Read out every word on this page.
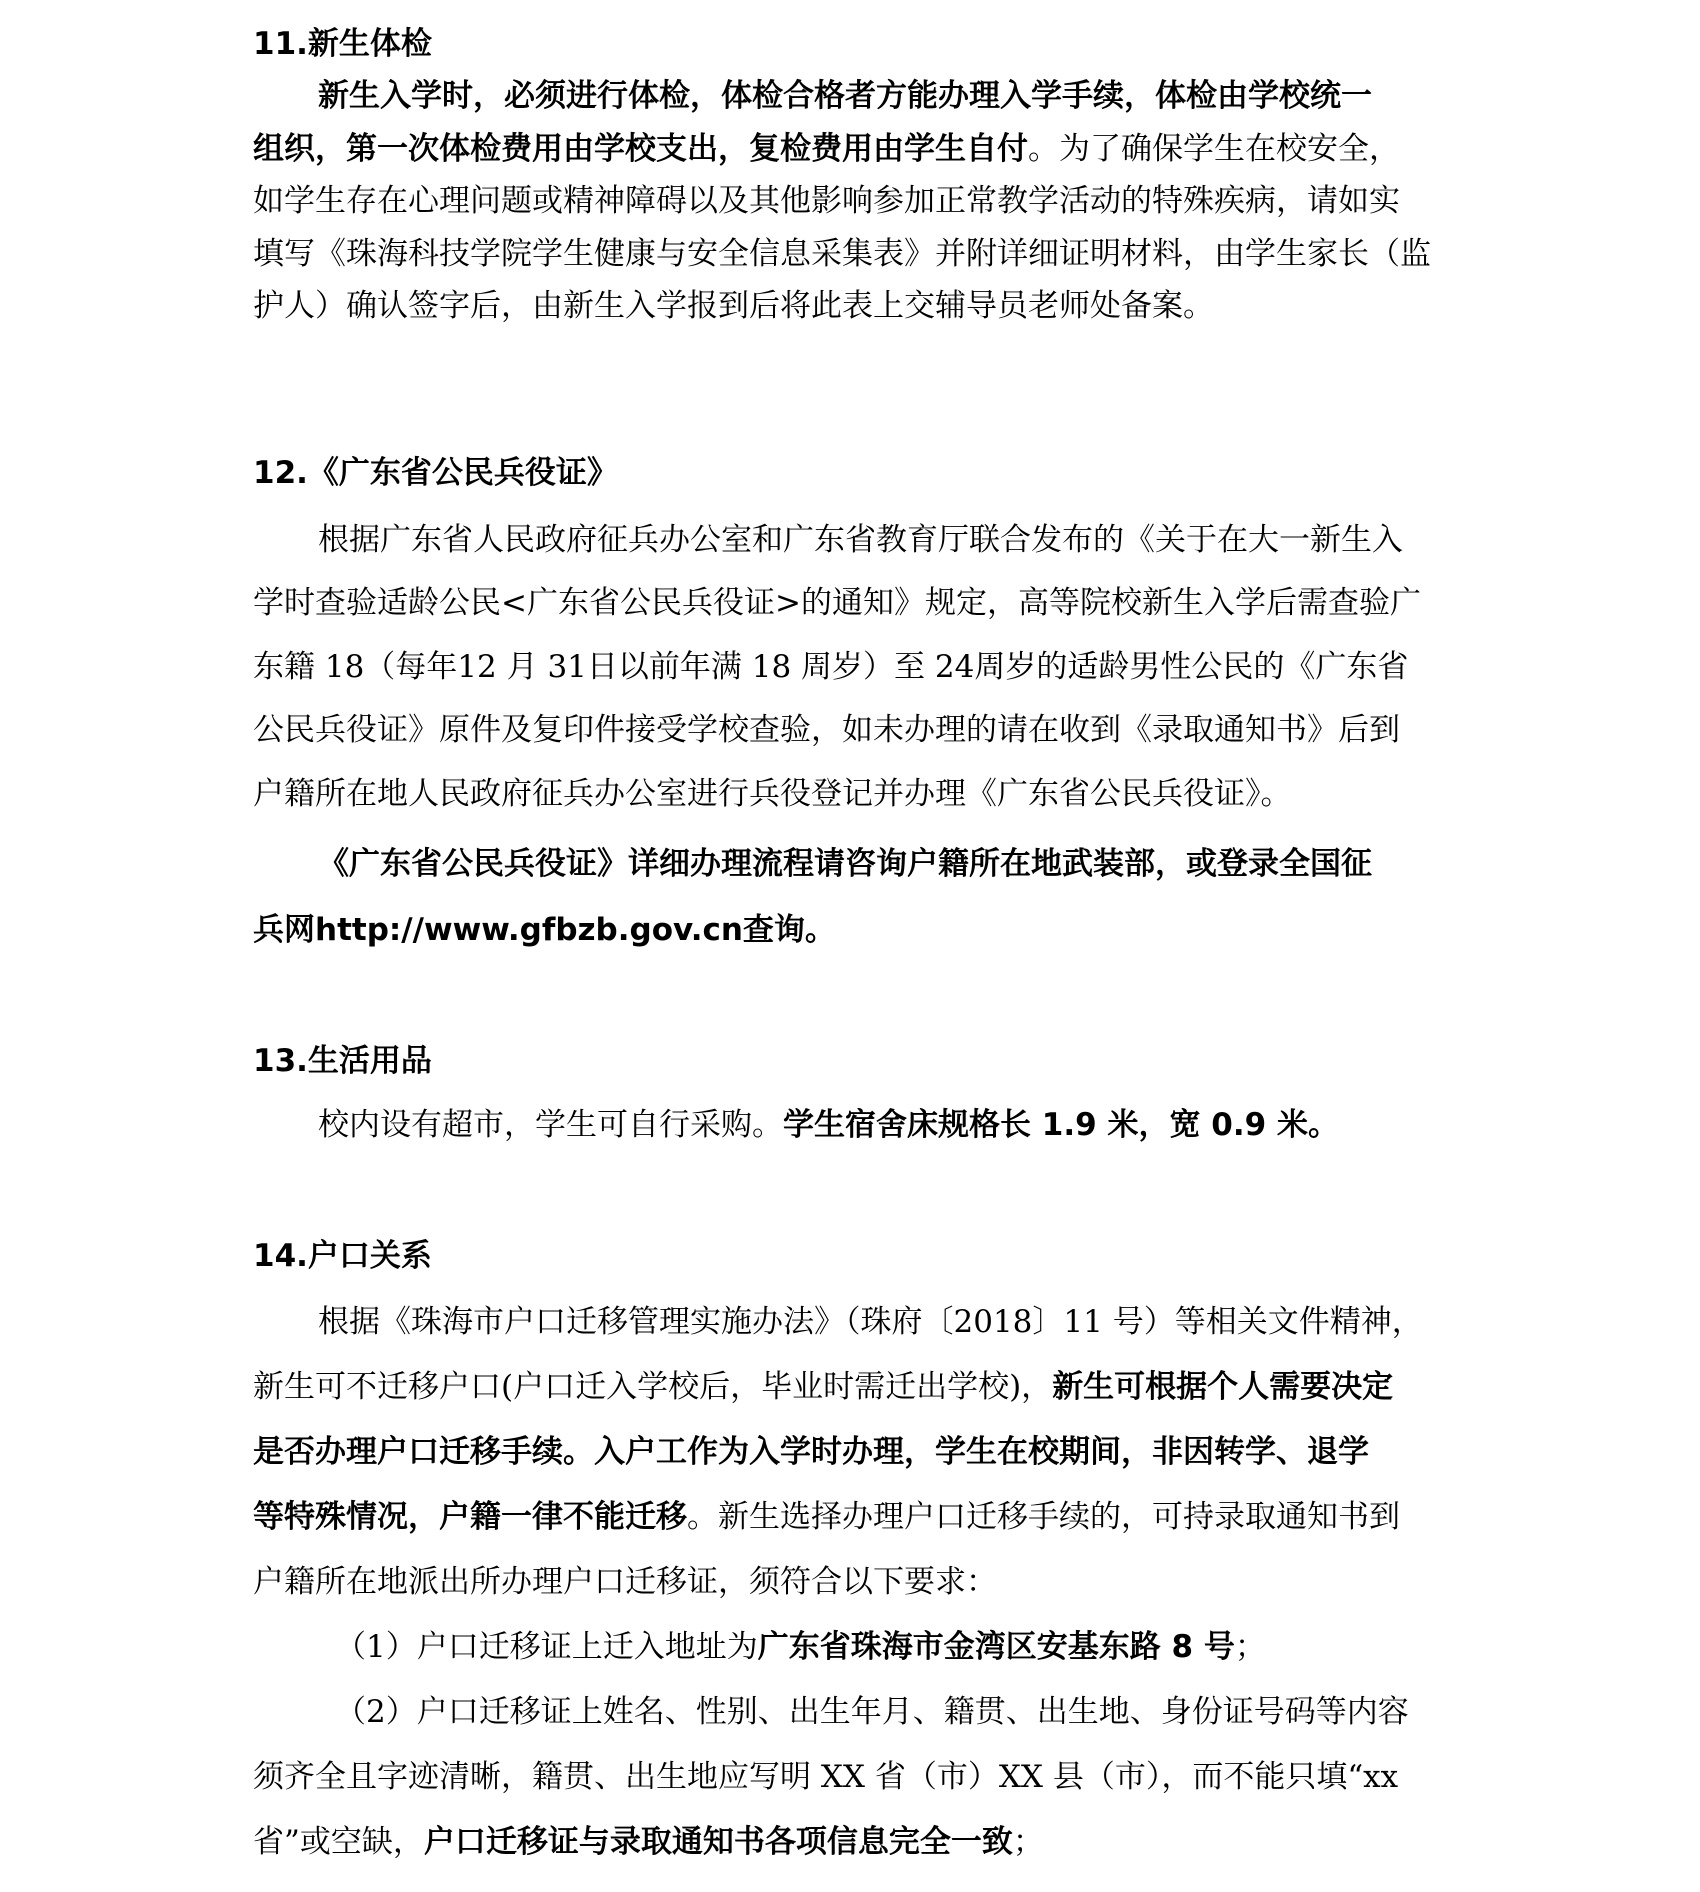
11.新生体检
新生入学时，必须进行体检，体检合格者方能办理入学手续，体检由学校统一
组织，第一次体检费用由学校支出，复检费用由学生自付。为了确保学生在校安全，
如学生存在心理问题或精神障碍以及其他影响参加正常教学活动的特殊疾病，请如实
填写《珠海科技学院学生健康与安全信息采集表》并附详细证明材料，由学生家长（监
护人）确认签字后，由新生入学报到后将此表上交辅导员老师处备案。
12.《广东省公民兵役证》
根据广东省人民政府征兵办公室和广东省教育厅联合发布的《关于在大一新生入
学时查验适龄公民<广东省公民兵役证>的通知》规定，高等院校新生入学后需查验广
东籍 18（每年12 月 31日以前年满 18 周岁）至 24周岁的适龄男性公民的《广东省
公民兵役证》原件及复印件接受学校查验，如未办理的请在收到《录取通知书》后到
户籍所在地人民政府征兵办公室进行兵役登记并办理《广东省公民兵役证》。
《广东省公民兵役证》详细办理流程请咨询户籍所在地武装部，或登录全国征
兵网http://www.gfbzb.gov.cn查询。
13.生活用品
校内设有超市，学生可自行采购。学生宿舍床规格长 1.9 米，宽 0.9 米。
14.户口关系
根据《珠海市户口迁移管理实施办法》（珠府〔2018〕11 号）等相关文件精神，
新生可不迁移户口(户口迁入学校后，毕业时需迁出学校)，新生可根据个人需要决定
是否办理户口迁移手续。入户工作为入学时办理，学生在校期间，非因转学、退学
等特殊情况，户籍一律不能迁移。新生选择办理户口迁移手续的，可持录取通知书到
户籍所在地派出所办理户口迁移证，须符合以下要求：
（1）户口迁移证上迁入地址为广东省珠海市金湾区安基东路 8 号；
（2）户口迁移证上姓名、性别、出生年月、籍贯、出生地、身份证号码等内容
须齐全且字迹清晰，籍贯、出生地应写明 XX 省（市）XX 县（市），而不能只填“xx
省”或空缺，户口迁移证与录取通知书各项信息完全一致；
